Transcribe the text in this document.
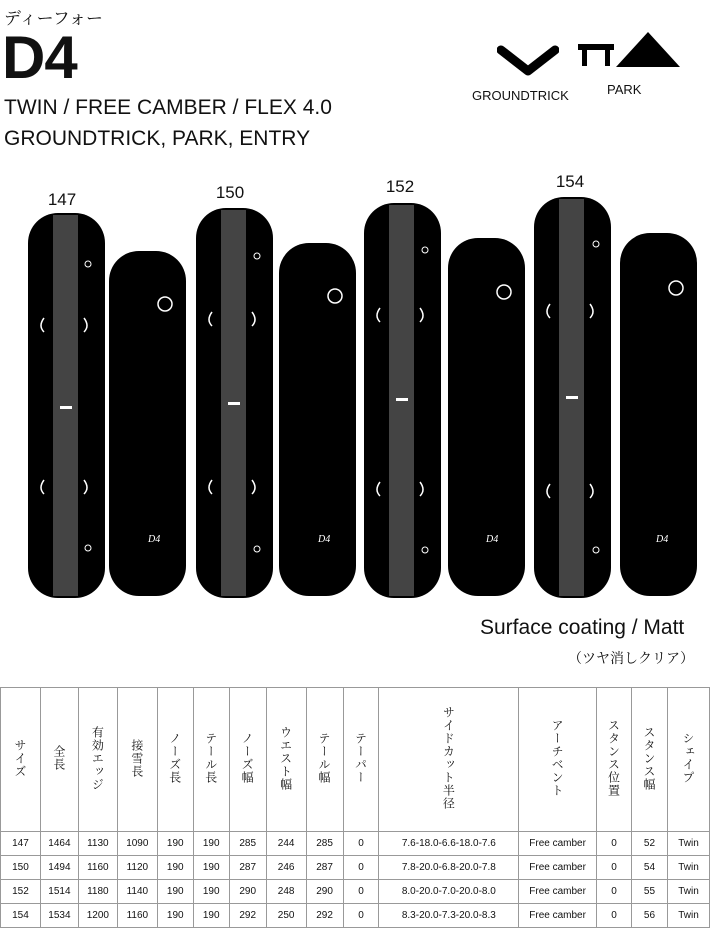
ディーフォー
D4
TWIN / FREE CAMBER / FLEX 4.0
GROUNDTRICK, PARK, ENTRY
GROUNDTRICK	PARK
147	150	152	154
D4	D4	D4	D4
Surface coating / Matt
（ツヤ消しクリア）
サイズ	全長	有効エッジ	接雪長	ノーズ長	テール長	ノーズ幅	ウエスト幅	テール幅	テーパー	サイドカット半径	アーチベント	スタンス位置	スタンス幅	シェイプ
147	1464	1130	1090	190	190	285	244	285	0	7.6-18.0-6.6-18.0-7.6	Free camber	0	52	Twin
150	1494	1160	1120	190	190	287	246	287	0	7.8-20.0-6.8-20.0-7.8	Free camber	0	54	Twin
152	1514	1180	1140	190	190	290	248	290	0	8.0-20.0-7.0-20.0-8.0	Free camber	0	55	Twin
154	1534	1200	1160	190	190	292	250	292	0	8.3-20.0-7.3-20.0-8.3	Free camber	0	56	Twin
